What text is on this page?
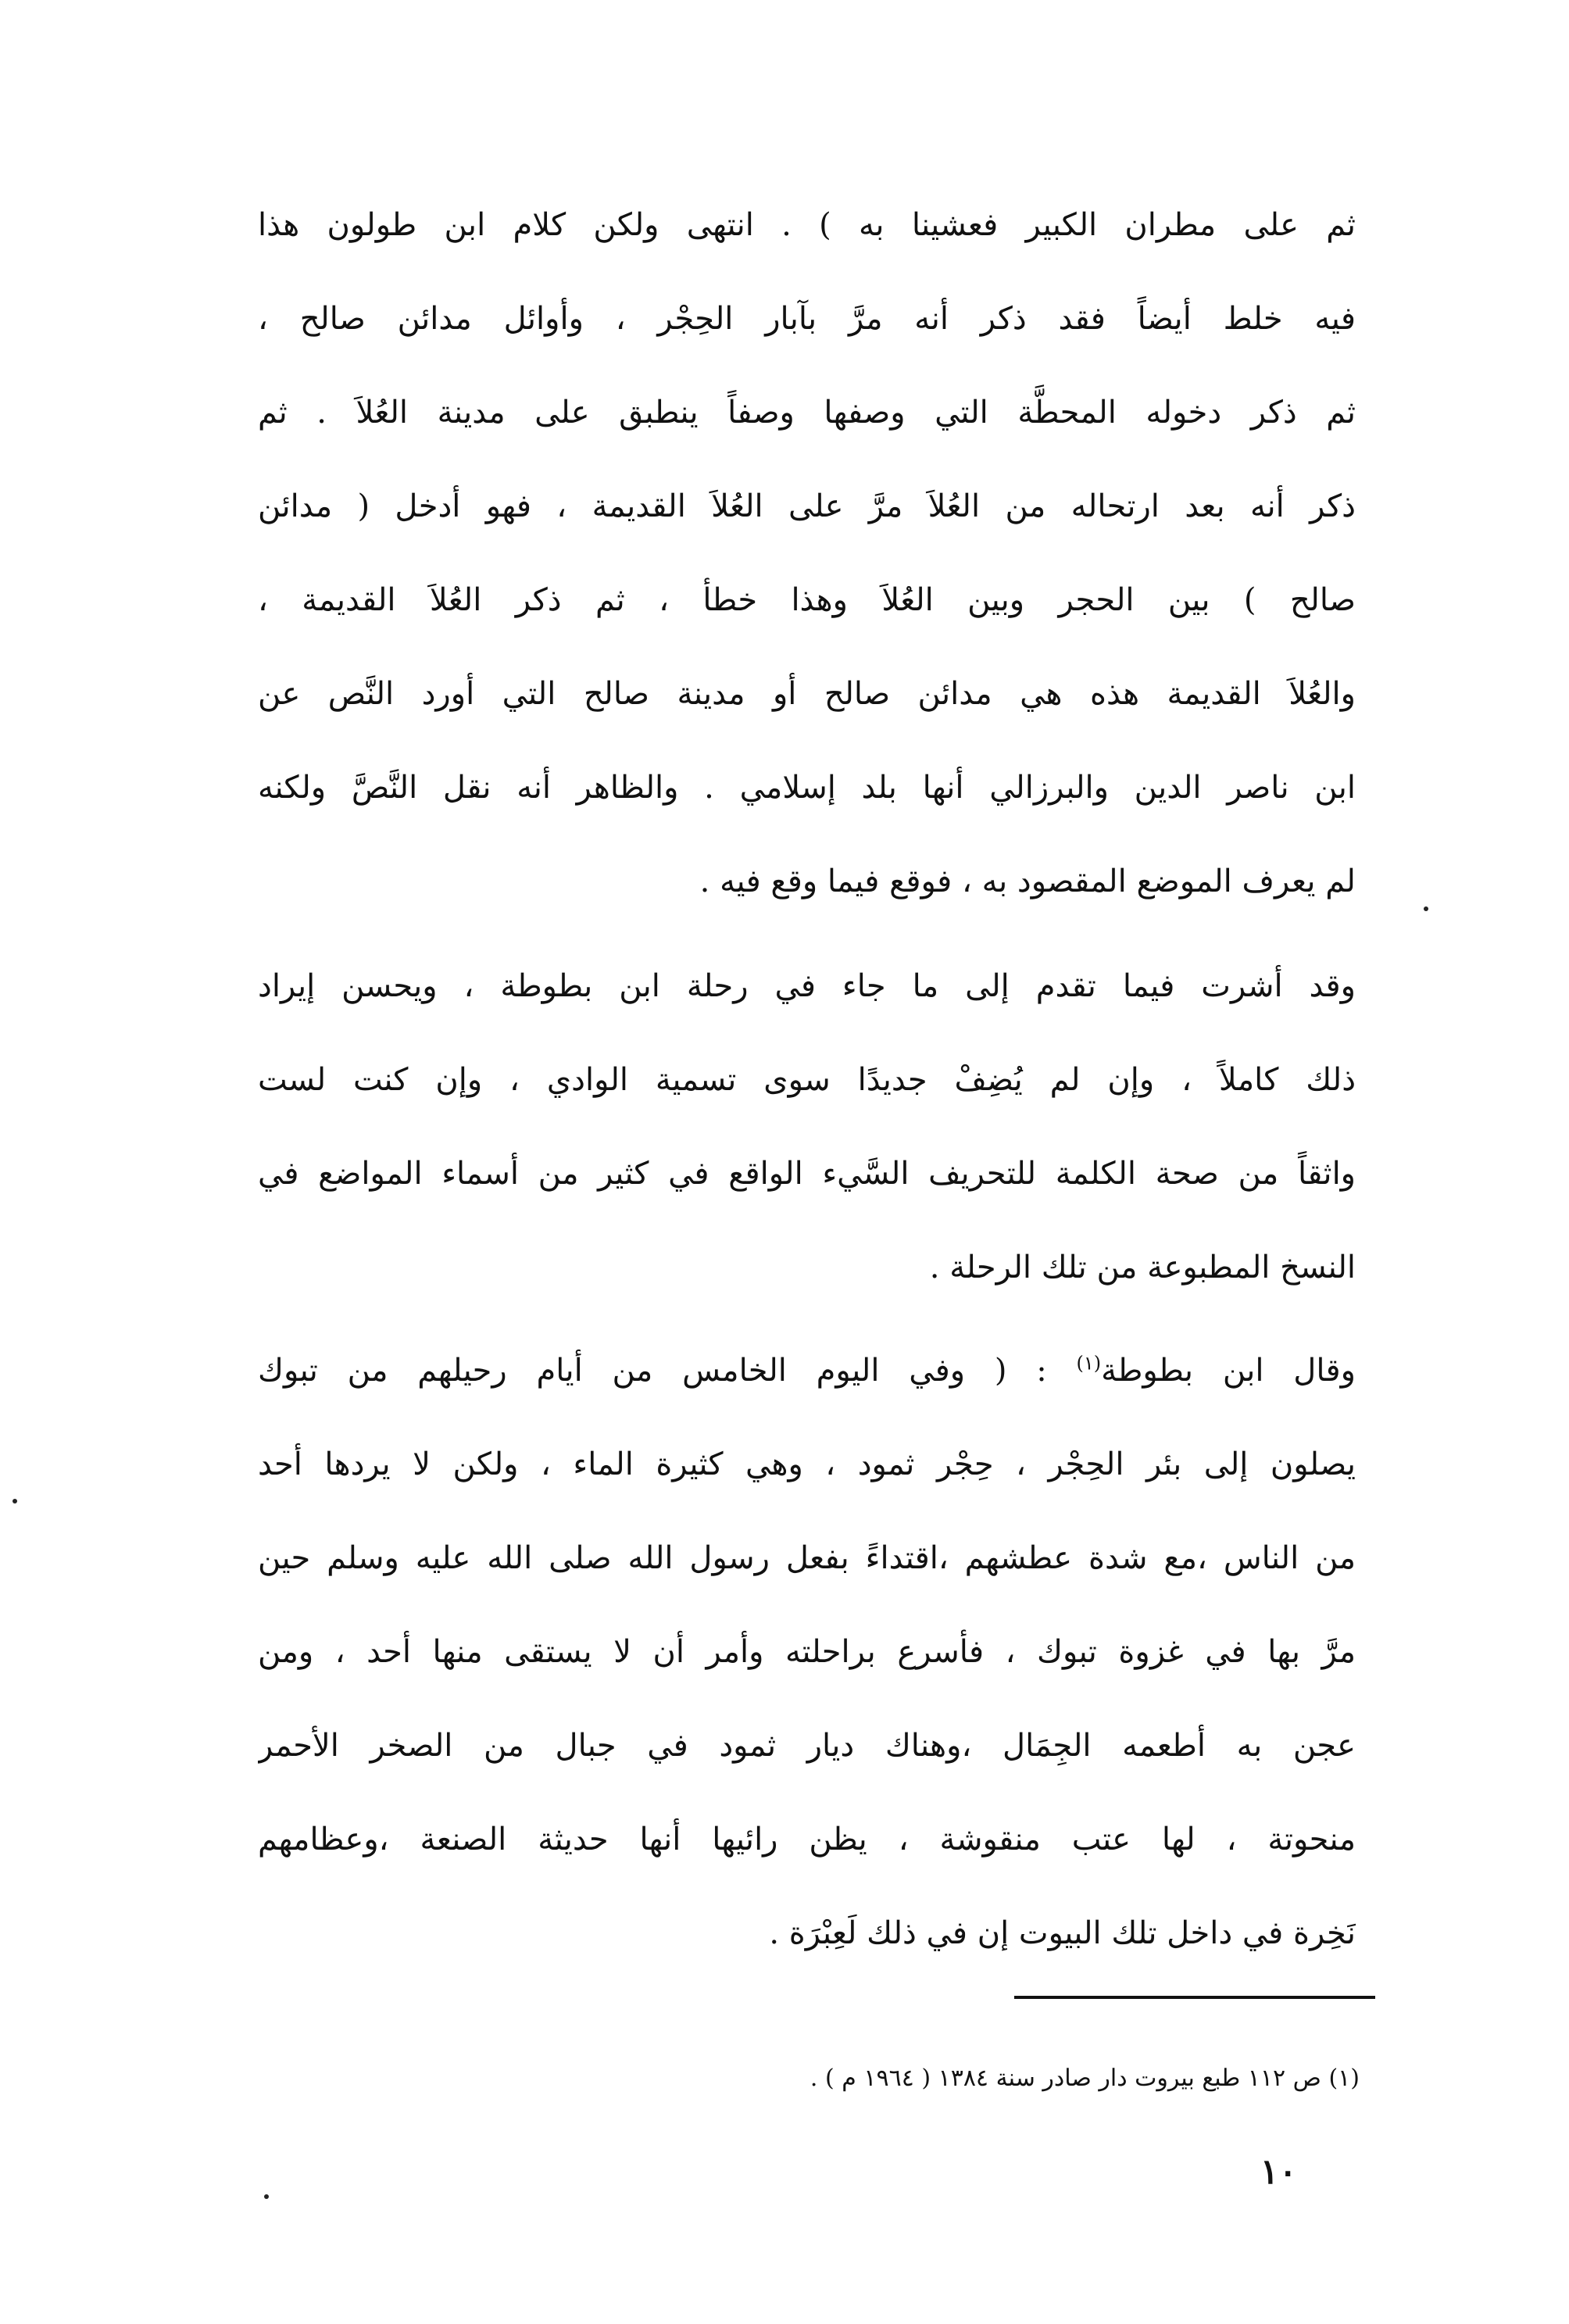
ثم على مطران الكبير فعشينا به ) . انتهى ولكن كلام ابن طولون هذا
فيه خلط أيضاً فقد ذكر أنه مرَّ بآبار الحِجْر ، وأوائل مدائن صالح ،
ثم ذكر دخوله المحطَّة التي وصفها وصفاً ينطبق على مدينة العُلاَ . ثم
ذكر أنه بعد ارتحاله من العُلاَ مرَّ على العُلاَ القديمة ، فهو أدخل ( مدائن
صالح ) بين الحجر وبين العُلاَ وهذا خطأ ، ثم ذكر العُلاَ القديمة ،
والعُلاَ القديمة هذه هي مدائن صالح أو مدينة صالح التي أورد النَّص عن
ابن ناصر الدين والبرزالي أنها بلد إسلامي . والظاهر أنه نقل النَّصَّ ولكنه
لم يعرف الموضع المقصود به ، فوقع فيما وقع فيه .
وقد أشرت فيما تقدم إلى ما جاء في رحلة ابن بطوطة ، ويحسن إيراد
ذلك كاملاً ، وإن لم يُضِفْ جديدًا سوى تسمية الوادي ، وإن كنت لست
واثقاً من صحة الكلمة للتحريف السَّيء الواقع في كثير من أسماء المواضع في
النسخ المطبوعة من تلك الرحلة .
وقال ابن بطوطة$^{(١)}$ : ( وفي اليوم الخامس من أيام رحيلهم من تبوك
يصلون إلى بئر الحِجْر ، حِجْر ثمود ، وهي كثيرة الماء ، ولكن لا يردها أحد
من الناس ،مع شدة عطشهم ،اقتداءً بفعل رسول الله صلى الله عليه وسلم حين
مرَّ بها في غزوة تبوك ، فأسرع براحلته وأمر أن لا يستقى منها أحد ، ومن
عجن به أطعمه الجِمَال ،وهناك ديار ثمود في جبال من الصخر الأحمر
منحوتة ، لها عتب منقوشة ، يظن رائيها أنها حديثة الصنعة ،وعظامهم
نَخِرة في داخل تلك البيوت إن في ذلك لَعِبْرَة .
(١) ص ١١٢ طبع بيروت دار صادر سنة ١٣٨٤ ( ١٩٦٤ م ) .
١٠
